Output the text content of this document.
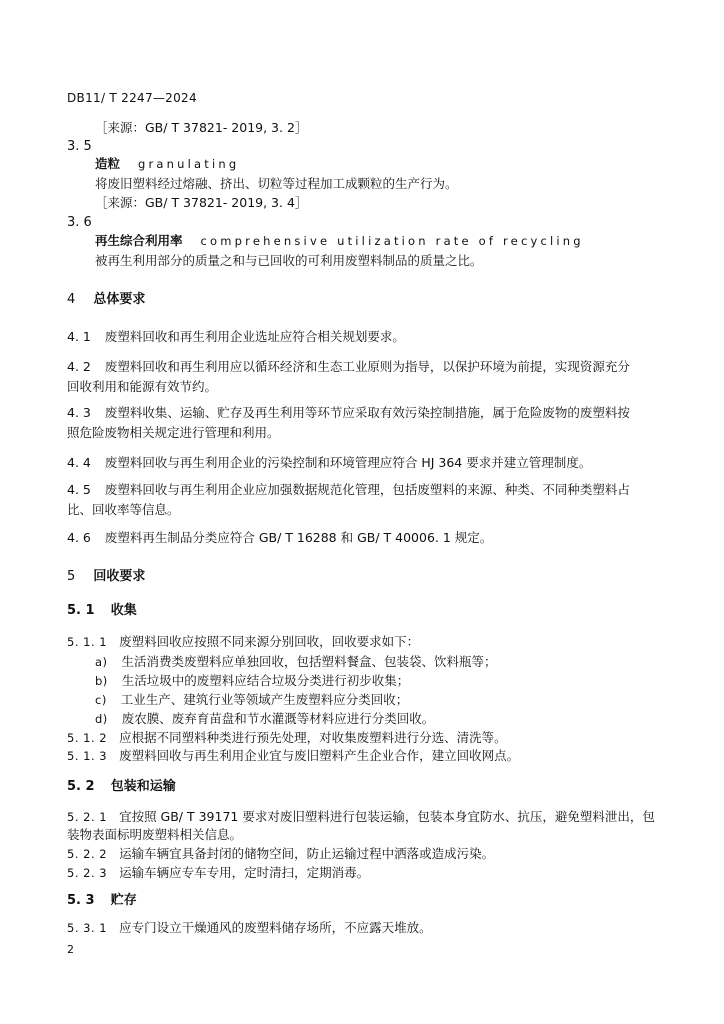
DB11/ T 2247—2024
［来源：GB/ T 37821- 2019, 3. 2］
3. 5
造粒 granulating
将废旧塑料经过熔融、挤出、切粒等过程加工成颗粒的生产行为。
［来源：GB/ T 37821- 2019, 3. 4］
3. 6
再生综合利用率 comprehensive utilization rate of recycling
被再生利用部分的质量之和与已回收的可利用废塑料制品的质量之比。
4 总体要求
4. 1 废塑料回收和再生利用企业选址应符合相关规划要求。
4. 2 废塑料回收和再生利用应以循环经济和生态工业原则为指导，以保护环境为前提，实现资源充分
回收利用和能源有效节约。
4. 3 废塑料收集、运输、贮存及再生利用等环节应采取有效污染控制措施，属于危险废物的废塑料按
照危险废物相关规定进行管理和利用。
4. 4 废塑料回收与再生利用企业的污染控制和环境管理应符合 HJ 364 要求并建立管理制度。
4. 5 废塑料回收与再生利用企业应加强数据规范化管理，包括废塑料的来源、种类、不同种类塑料占
比、回收率等信息。
4. 6 废塑料再生制品分类应符合 GB/ T 16288 和 GB/ T 40006. 1 规定。
5 回收要求
5. 1 收集
5. 1. 1 废塑料回收应按照不同来源分别回收，回收要求如下：
a) 生活消费类废塑料应单独回收，包括塑料餐盒、包装袋、饮料瓶等；
b) 生活垃圾中的废塑料应结合垃圾分类进行初步收集；
c) 工业生产、建筑行业等领域产生废塑料应分类回收；
d) 废农膜、废弃育苗盘和节水灌溉等材料应进行分类回收。
5. 1. 2 应根据不同塑料种类进行预先处理，对收集废塑料进行分选、清洗等。
5. 1. 3 废塑料回收与再生利用企业宜与废旧塑料产生企业合作，建立回收网点。
5. 2 包装和运输
5. 2. 1 宜按照 GB/ T 39171 要求对废旧塑料进行包装运输，包装本身宜防水、抗压，避免塑料泄出，包
装物表面标明废塑料相关信息。
5. 2. 2 运输车辆宜具备封闭的储物空间，防止运输过程中洒落或造成污染。
5. 2. 3 运输车辆应专车专用，定时清扫，定期消毒。
5. 3 贮存
5. 3. 1 应专门设立干燥通风的废塑料储存场所，不应露天堆放。
2
